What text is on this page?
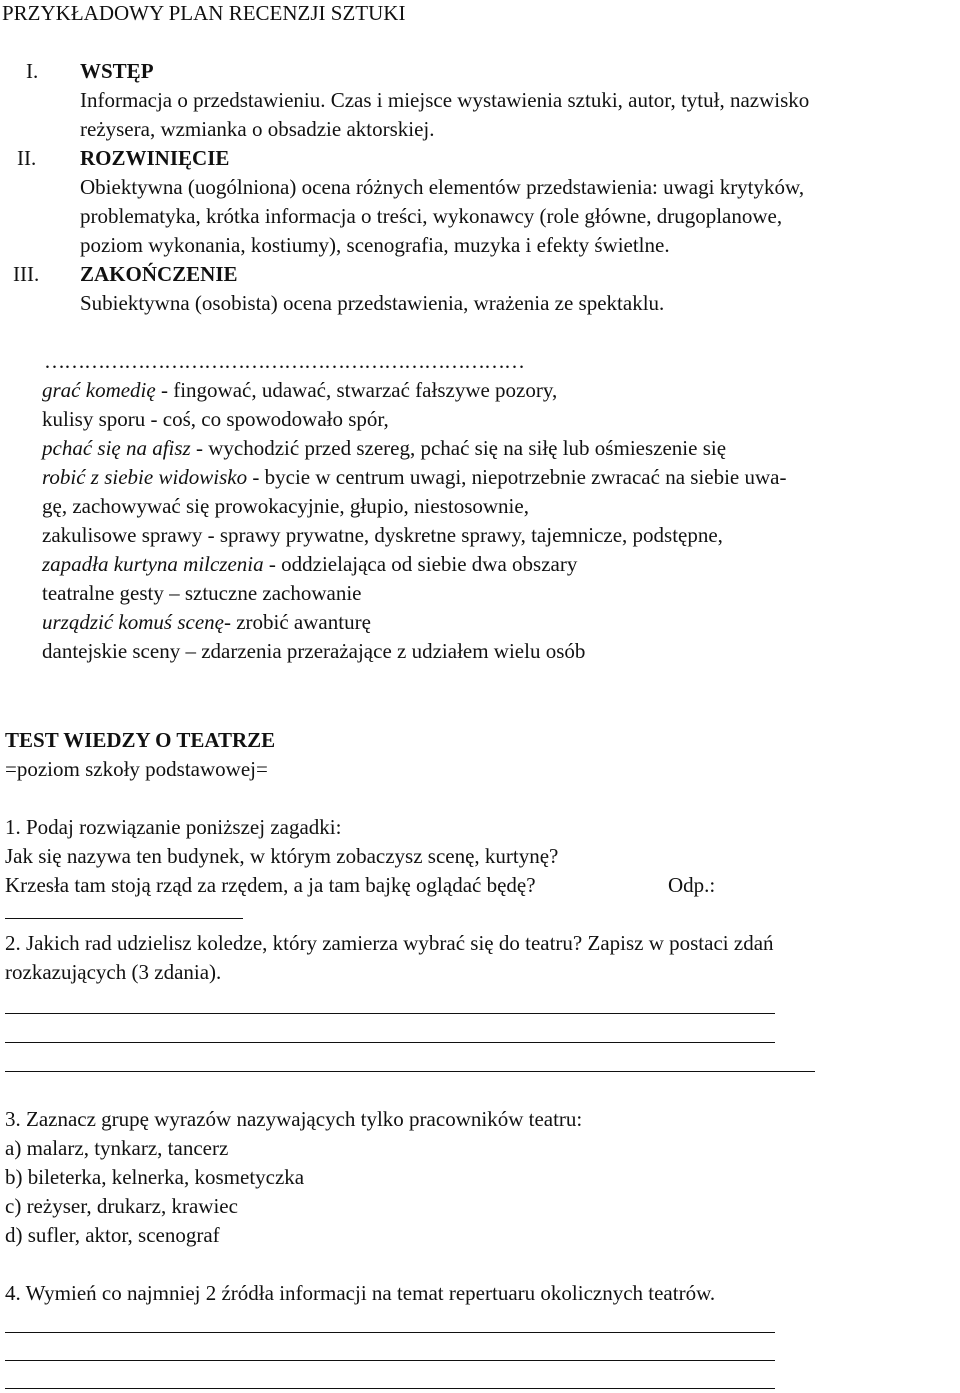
PRZYKŁADOWY PLAN RECENZJI SZTUKI
I. WSTĘP
Informacja o przedstawieniu. Czas i miejsce wystawienia sztuki, autor, tytuł, nazwisko
reżysera, wzmianka o obsadzie aktorskiej.
II. ROZWINIĘCIE
Obiektywna (uogólniona) ocena różnych elementów przedstawienia: uwagi krytyków,
problematyka, krótka informacja o treści, wykonawcy (role główne, drugoplanowe,
poziom wykonania, kostiumy), scenografia, muzyka i efekty świetlne.
III. ZAKOŃCZENIE
Subiektywna (osobista) ocena przedstawienia, wrażenia ze spektaklu.
………………………………………………………………
grać komedię - fingować, udawać, stwarzać fałszywe pozory,
kulisy sporu - coś, co spowodowało spór,
pchać się na afisz - wychodzić przed szereg, pchać się na siłę lub ośmieszenie się
robić z siebie widowisko - bycie w centrum uwagi, niepotrzebnie zwracać na siebie uwa-
gę, zachowywać się prowokacyjnie, głupio, niestosownie,
zakulisowe sprawy - sprawy prywatne, dyskretne sprawy, tajemnicze, podstępne,
zapadła kurtyna milczenia - oddzielająca od siebie dwa obszary
teatralne gesty – sztuczne zachowanie
urządzić komuś scenę- zrobić awanturę
dantejskie sceny – zdarzenia przerażające z udziałem wielu osób
TEST WIEDZY O TEATRZE
=poziom szkoły podstawowej=
1. Podaj rozwiązanie poniższej zagadki:
Jak się nazywa ten budynek, w którym zobaczysz scenę, kurtynę?
Krzesła tam stoją rząd za rzędem, a ja tam bajkę oglądać będę?	Odp.:
2. Jakich rad udzielisz koledze, który zamierza wybrać się do teatru? Zapisz w postaci zdań
rozkazujących (3 zdania).
3. Zaznacz grupę wyrazów nazywających tylko pracowników teatru:
a) malarz, tynkarz, tancerz
b) bileterka, kelnerka, kosmetyczka
c) reżyser, drukarz, krawiec
d) sufler, aktor, scenograf
4. Wymień co najmniej 2 źródła informacji na temat repertuaru okolicznych teatrów.
